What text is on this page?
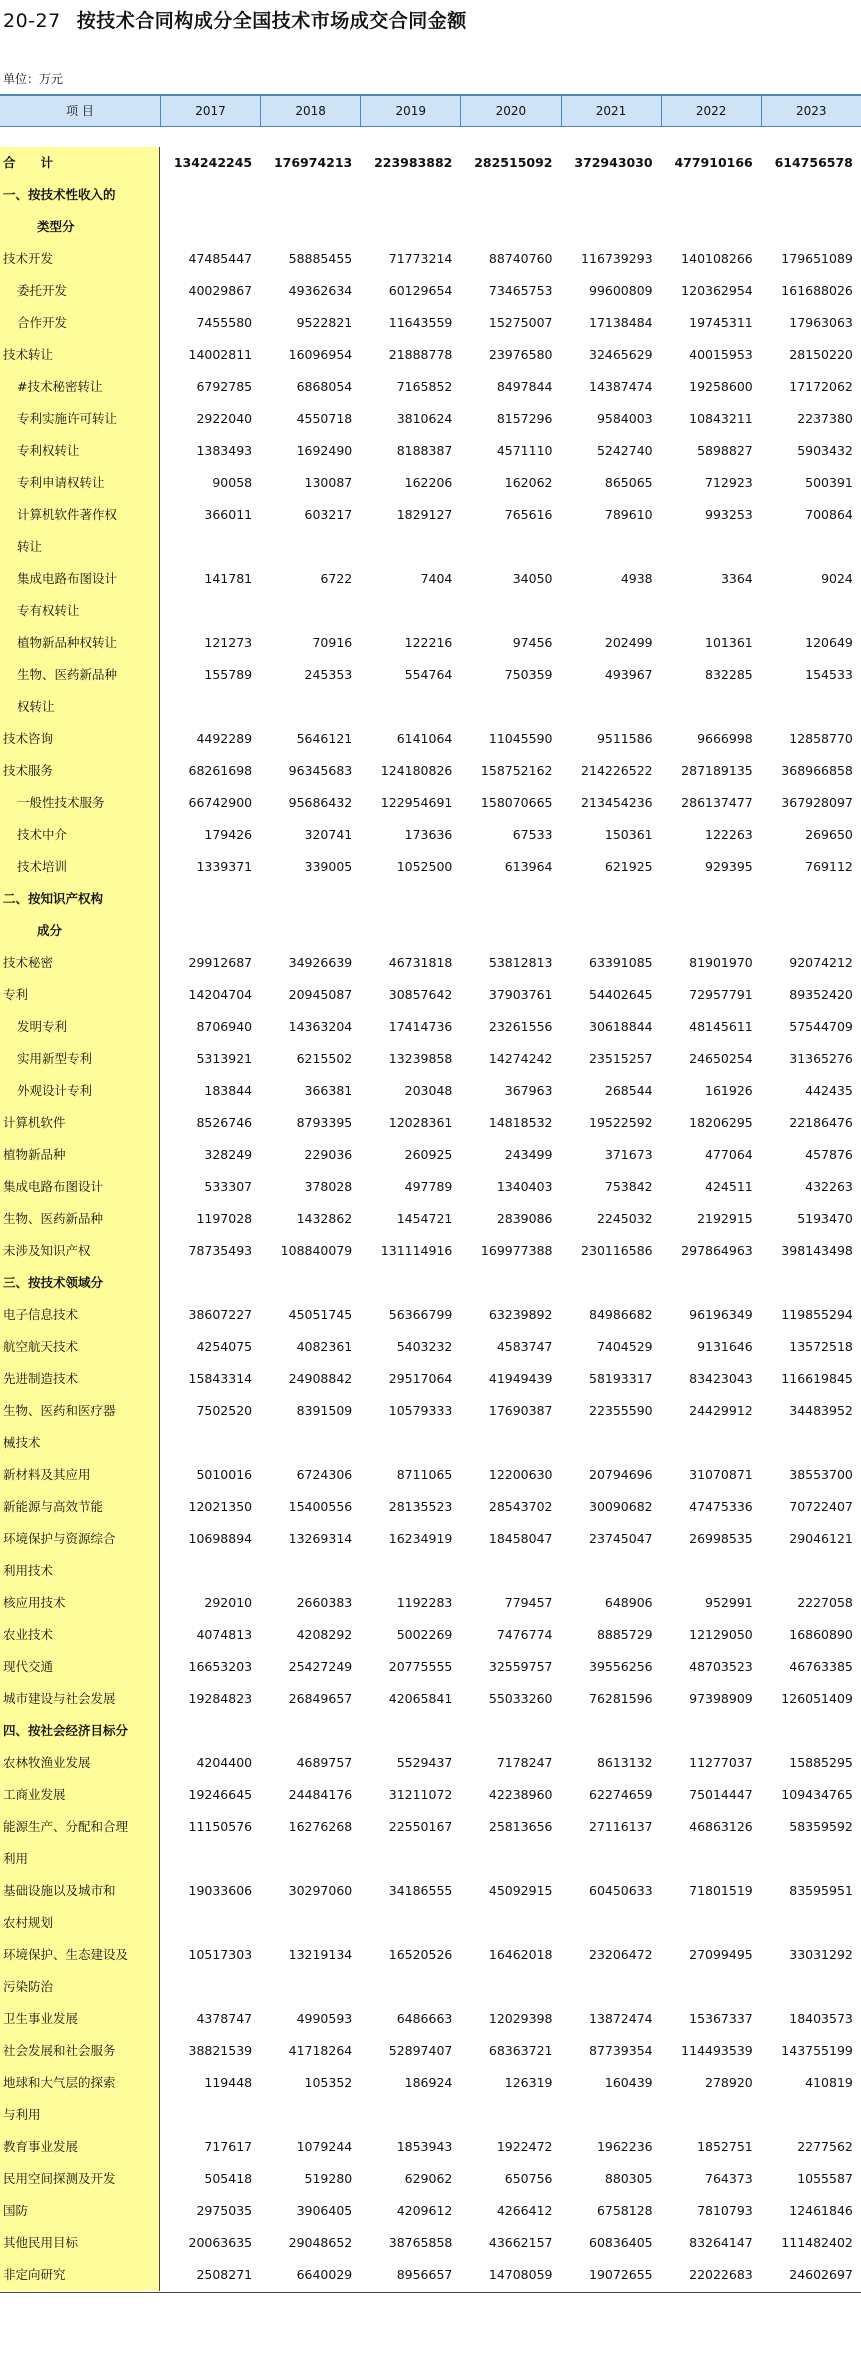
20-27 按技术合同构成分全国技术市场成交合同金额
单位：万元
项 目	2017	2018	2019	2020	2021	2022	2023
合　　计	134242245	176974213	223983882	282515092	372943030	477910166	614756578
一、按技术性收入的
类型分
技术开发	47485447	58885455	71773214	88740760	116739293	140108266	179651089
委托开发	40029867	49362634	60129654	73465753	99600809	120362954	161688026
合作开发	7455580	9522821	11643559	15275007	17138484	19745311	17963063
技术转让	14002811	16096954	21888778	23976580	32465629	40015953	28150220
#技术秘密转让	6792785	6868054	7165852	8497844	14387474	19258600	17172062
专利实施许可转让	2922040	4550718	3810624	8157296	9584003	10843211	2237380
专利权转让	1383493	1692490	8188387	4571110	5242740	5898827	5903432
专利申请权转让	90058	130087	162206	162062	865065	712923	500391
计算机软件著作权
转让
366011	603217	1829127	765616	789610	993253	700864
集成电路布图设计
专有权转让
141781	6722	7404	34050	4938	3364	9024
植物新品种权转让	121273	70916	122216	97456	202499	101361	120649
生物、医药新品种
权转让
155789	245353	554764	750359	493967	832285	154533
技术咨询	4492289	5646121	6141064	11045590	9511586	9666998	12858770
技术服务	68261698	96345683	124180826	158752162	214226522	287189135	368966858
一般性技术服务	66742900	95686432	122954691	158070665	213454236	286137477	367928097
技术中介	179426	320741	173636	67533	150361	122263	269650
技术培训	1339371	339005	1052500	613964	621925	929395	769112
二、按知识产权构
成分
技术秘密	29912687	34926639	46731818	53812813	63391085	81901970	92074212
专利	14204704	20945087	30857642	37903761	54402645	72957791	89352420
发明专利	8706940	14363204	17414736	23261556	30618844	48145611	57544709
实用新型专利	5313921	6215502	13239858	14274242	23515257	24650254	31365276
外观设计专利	183844	366381	203048	367963	268544	161926	442435
计算机软件	8526746	8793395	12028361	14818532	19522592	18206295	22186476
植物新品种	328249	229036	260925	243499	371673	477064	457876
集成电路布图设计	533307	378028	497789	1340403	753842	424511	432263
生物、医药新品种	1197028	1432862	1454721	2839086	2245032	2192915	5193470
未涉及知识产权	78735493	108840079	131114916	169977388	230116586	297864963	398143498
三、按技术领域分
电子信息技术	38607227	45051745	56366799	63239892	84986682	96196349	119855294
航空航天技术	4254075	4082361	5403232	4583747	7404529	9131646	13572518
先进制造技术	15843314	24908842	29517064	41949439	58193317	83423043	116619845
生物、医药和医疗器
械技术
7502520	8391509	10579333	17690387	22355590	24429912	34483952
新材料及其应用	5010016	6724306	8711065	12200630	20794696	31070871	38553700
新能源与高效节能	12021350	15400556	28135523	28543702	30090682	47475336	70722407
环境保护与资源综合
利用技术
10698894	13269314	16234919	18458047	23745047	26998535	29046121
核应用技术	292010	2660383	1192283	779457	648906	952991	2227058
农业技术	4074813	4208292	5002269	7476774	8885729	12129050	16860890
现代交通	16653203	25427249	20775555	32559757	39556256	48703523	46763385
城市建设与社会发展	19284823	26849657	42065841	55033260	76281596	97398909	126051409
四、按社会经济目标分
农林牧渔业发展	4204400	4689757	5529437	7178247	8613132	11277037	15885295
工商业发展	19246645	24484176	31211072	42238960	62274659	75014447	109434765
能源生产、分配和合理
利用
11150576	16276268	22550167	25813656	27116137	46863126	58359592
基础设施以及城市和
农村规划
19033606	30297060	34186555	45092915	60450633	71801519	83595951
环境保护、生态建设及
污染防治
10517303	13219134	16520526	16462018	23206472	27099495	33031292
卫生事业发展	4378747	4990593	6486663	12029398	13872474	15367337	18403573
社会发展和社会服务	38821539	41718264	52897407	68363721	87739354	114493539	143755199
地球和大气层的探索
与利用
119448	105352	186924	126319	160439	278920	410819
教育事业发展	717617	1079244	1853943	1922472	1962236	1852751	2277562
民用空间探测及开发	505418	519280	629062	650756	880305	764373	1055587
国防	2975035	3906405	4209612	4266412	6758128	7810793	12461846
其他民用目标	20063635	29048652	38765858	43662157	60836405	83264147	111482402
非定向研究	2508271	6640029	8956657	14708059	19072655	22022683	24602697
